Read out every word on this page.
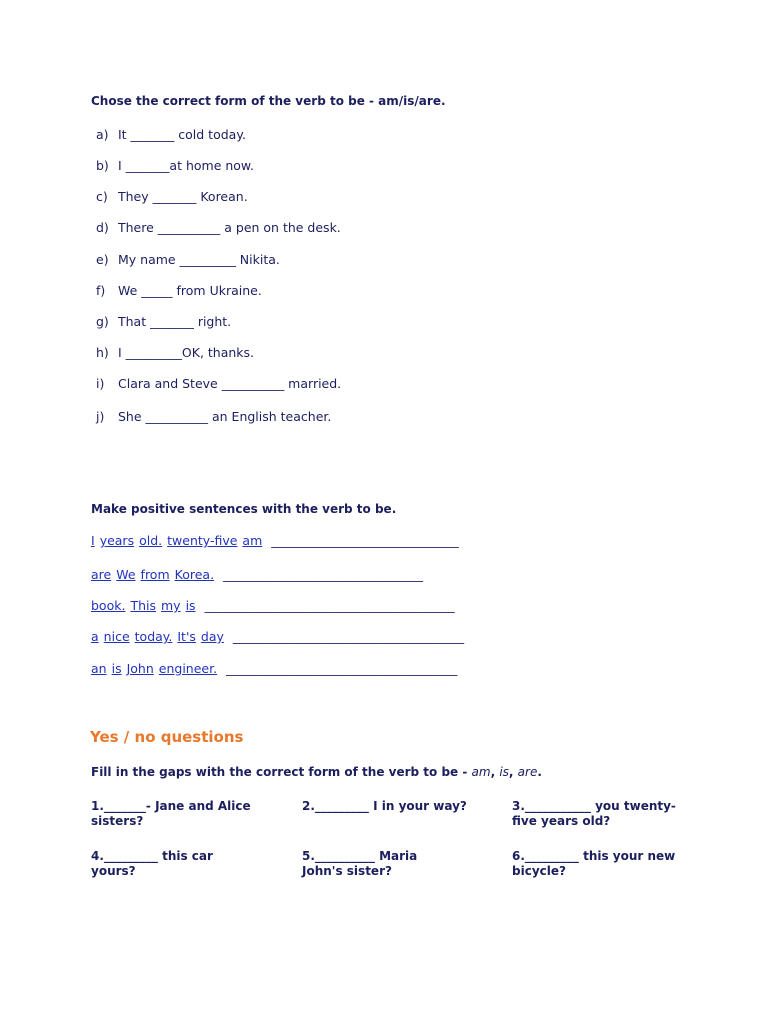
Chose the correct form of the verb to be - am/is/are.
a) It _______ cold today.
b) I _______at home now.
c) They _______ Korean.
d) There __________ a pen on the desk.
e) My name _________ Nikita.
f) We _____ from Ukraine.
g) That _______ right.
h) I _________OK, thanks.
i) Clara and Steve __________ married.
j) She __________ an English teacher.
Make positive sentences with the verb to be.
I years old. twenty-five am ______________________________
are We from Korea. ________________________________
book. This my is ________________________________________
a nice today. It's day _____________________________________
an is John engineer. _____________________________________
Yes / no questions
Fill in the gaps with the correct form of the verb to be - am, is, are.
1._______- Jane and Alice sisters?
2._________ I in your way?	3.___________ you twenty-five years old?
4._________ this car yours?
5.__________ Maria John's sister?
6._________ this your new bicycle?
